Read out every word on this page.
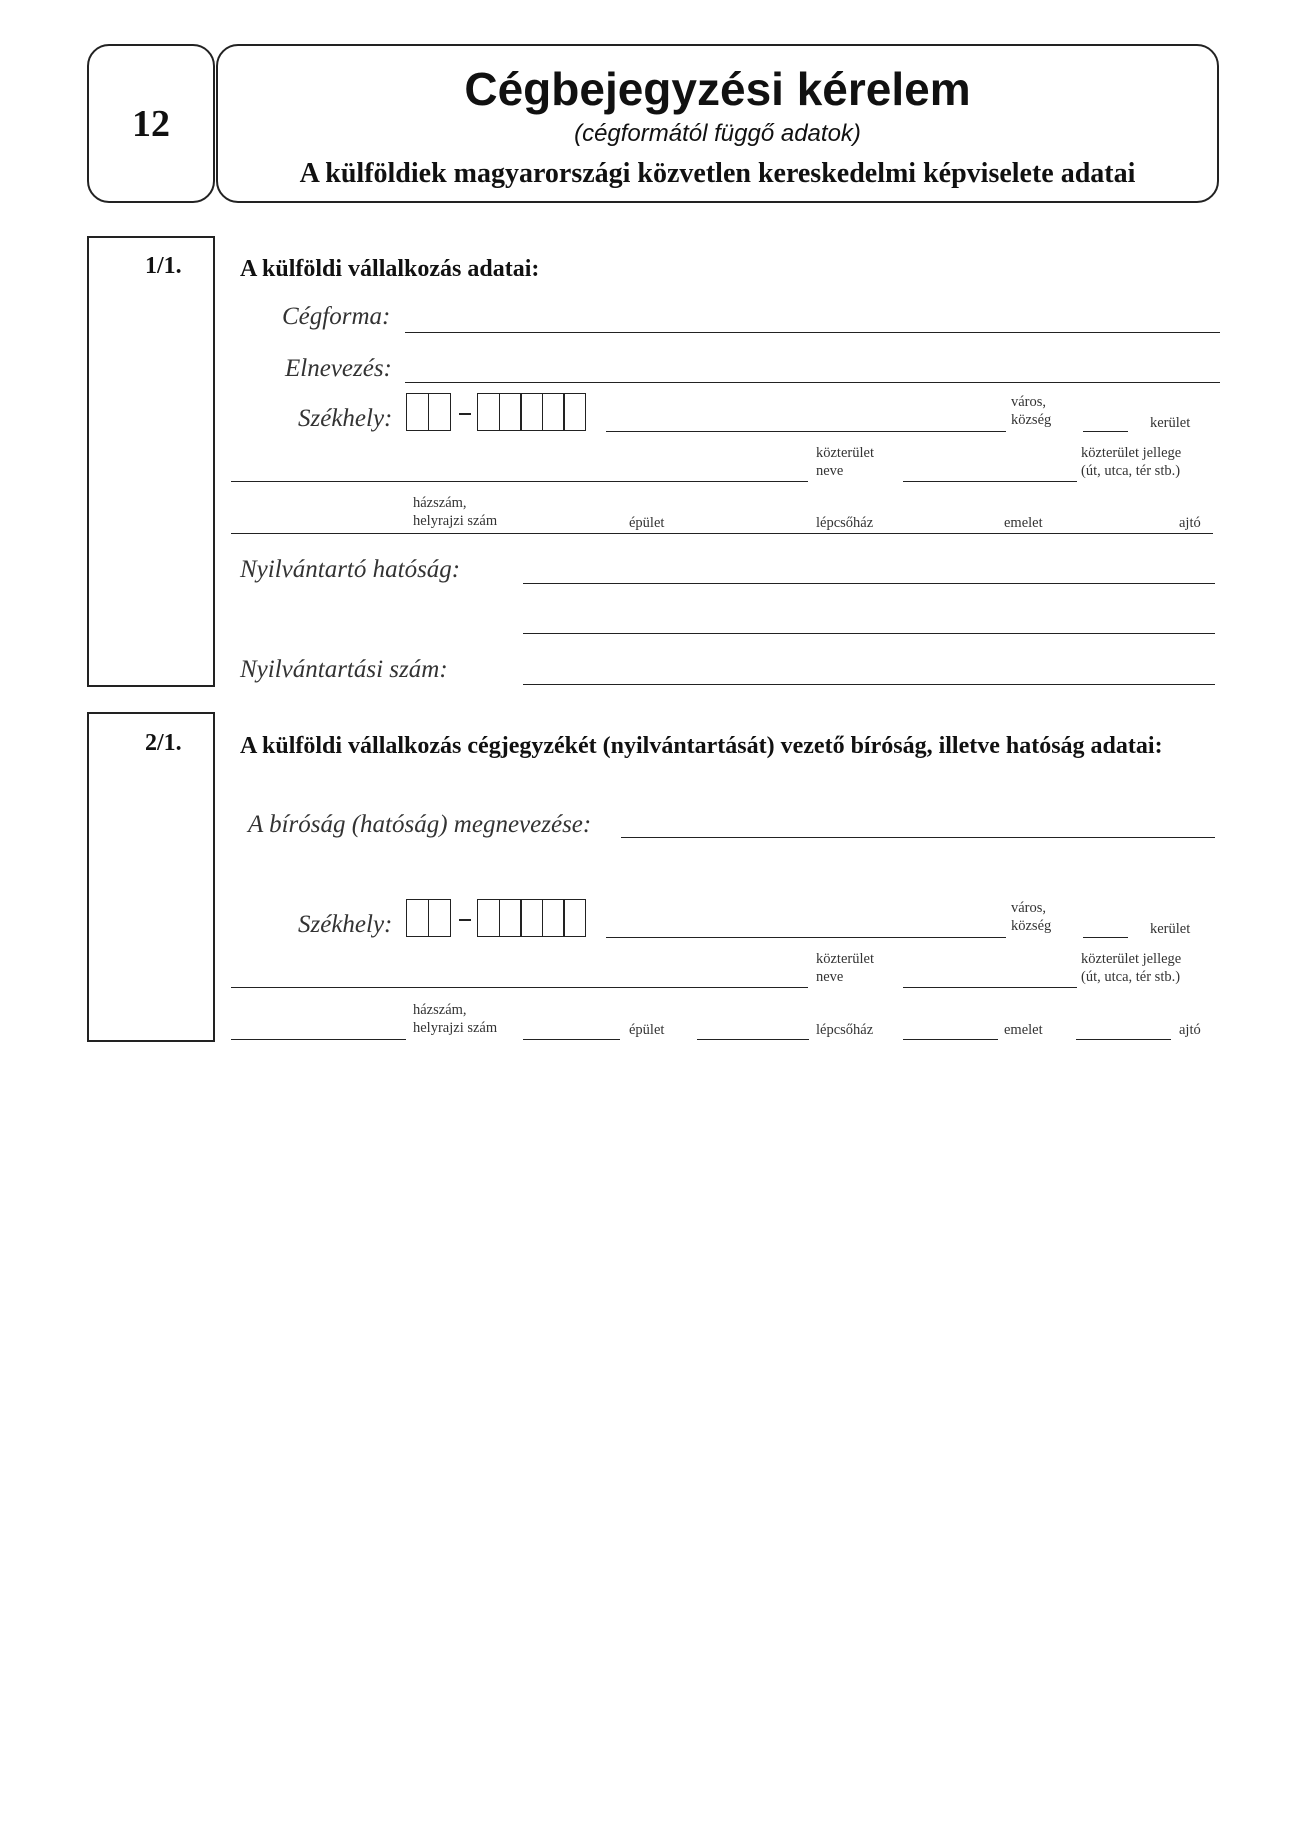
12
Cégbejegyzési kérelem
(cégformától függő adatok)
A külföldiek magyarországi közvetlen kereskedelmi képviselete adatai
1/1. A külföldi vállalkozás adatai:
Cégforma:
Elnevezés:
Székhely:
város,
község	kerület
közterület
neve
közterület jellege
(út, utca, tér stb.)
házszám,
helyrajzi szám	épület	lépcsőház	emelet	ajtó
Nyilvántartó hatóság:
Nyilvántartási szám:
2/1. A külföldi vállalkozás cégjegyzékét (nyilvántartását) vezető bíróság, illetve hatóság adatai:
A bíróság (hatóság) megnevezése:
Székhely:
város,
község	kerület
közterület
neve
közterület jellege
(út, utca, tér stb.)
házszám,
helyrajzi szám	épület	lépcsőház	emelet	ajtó
